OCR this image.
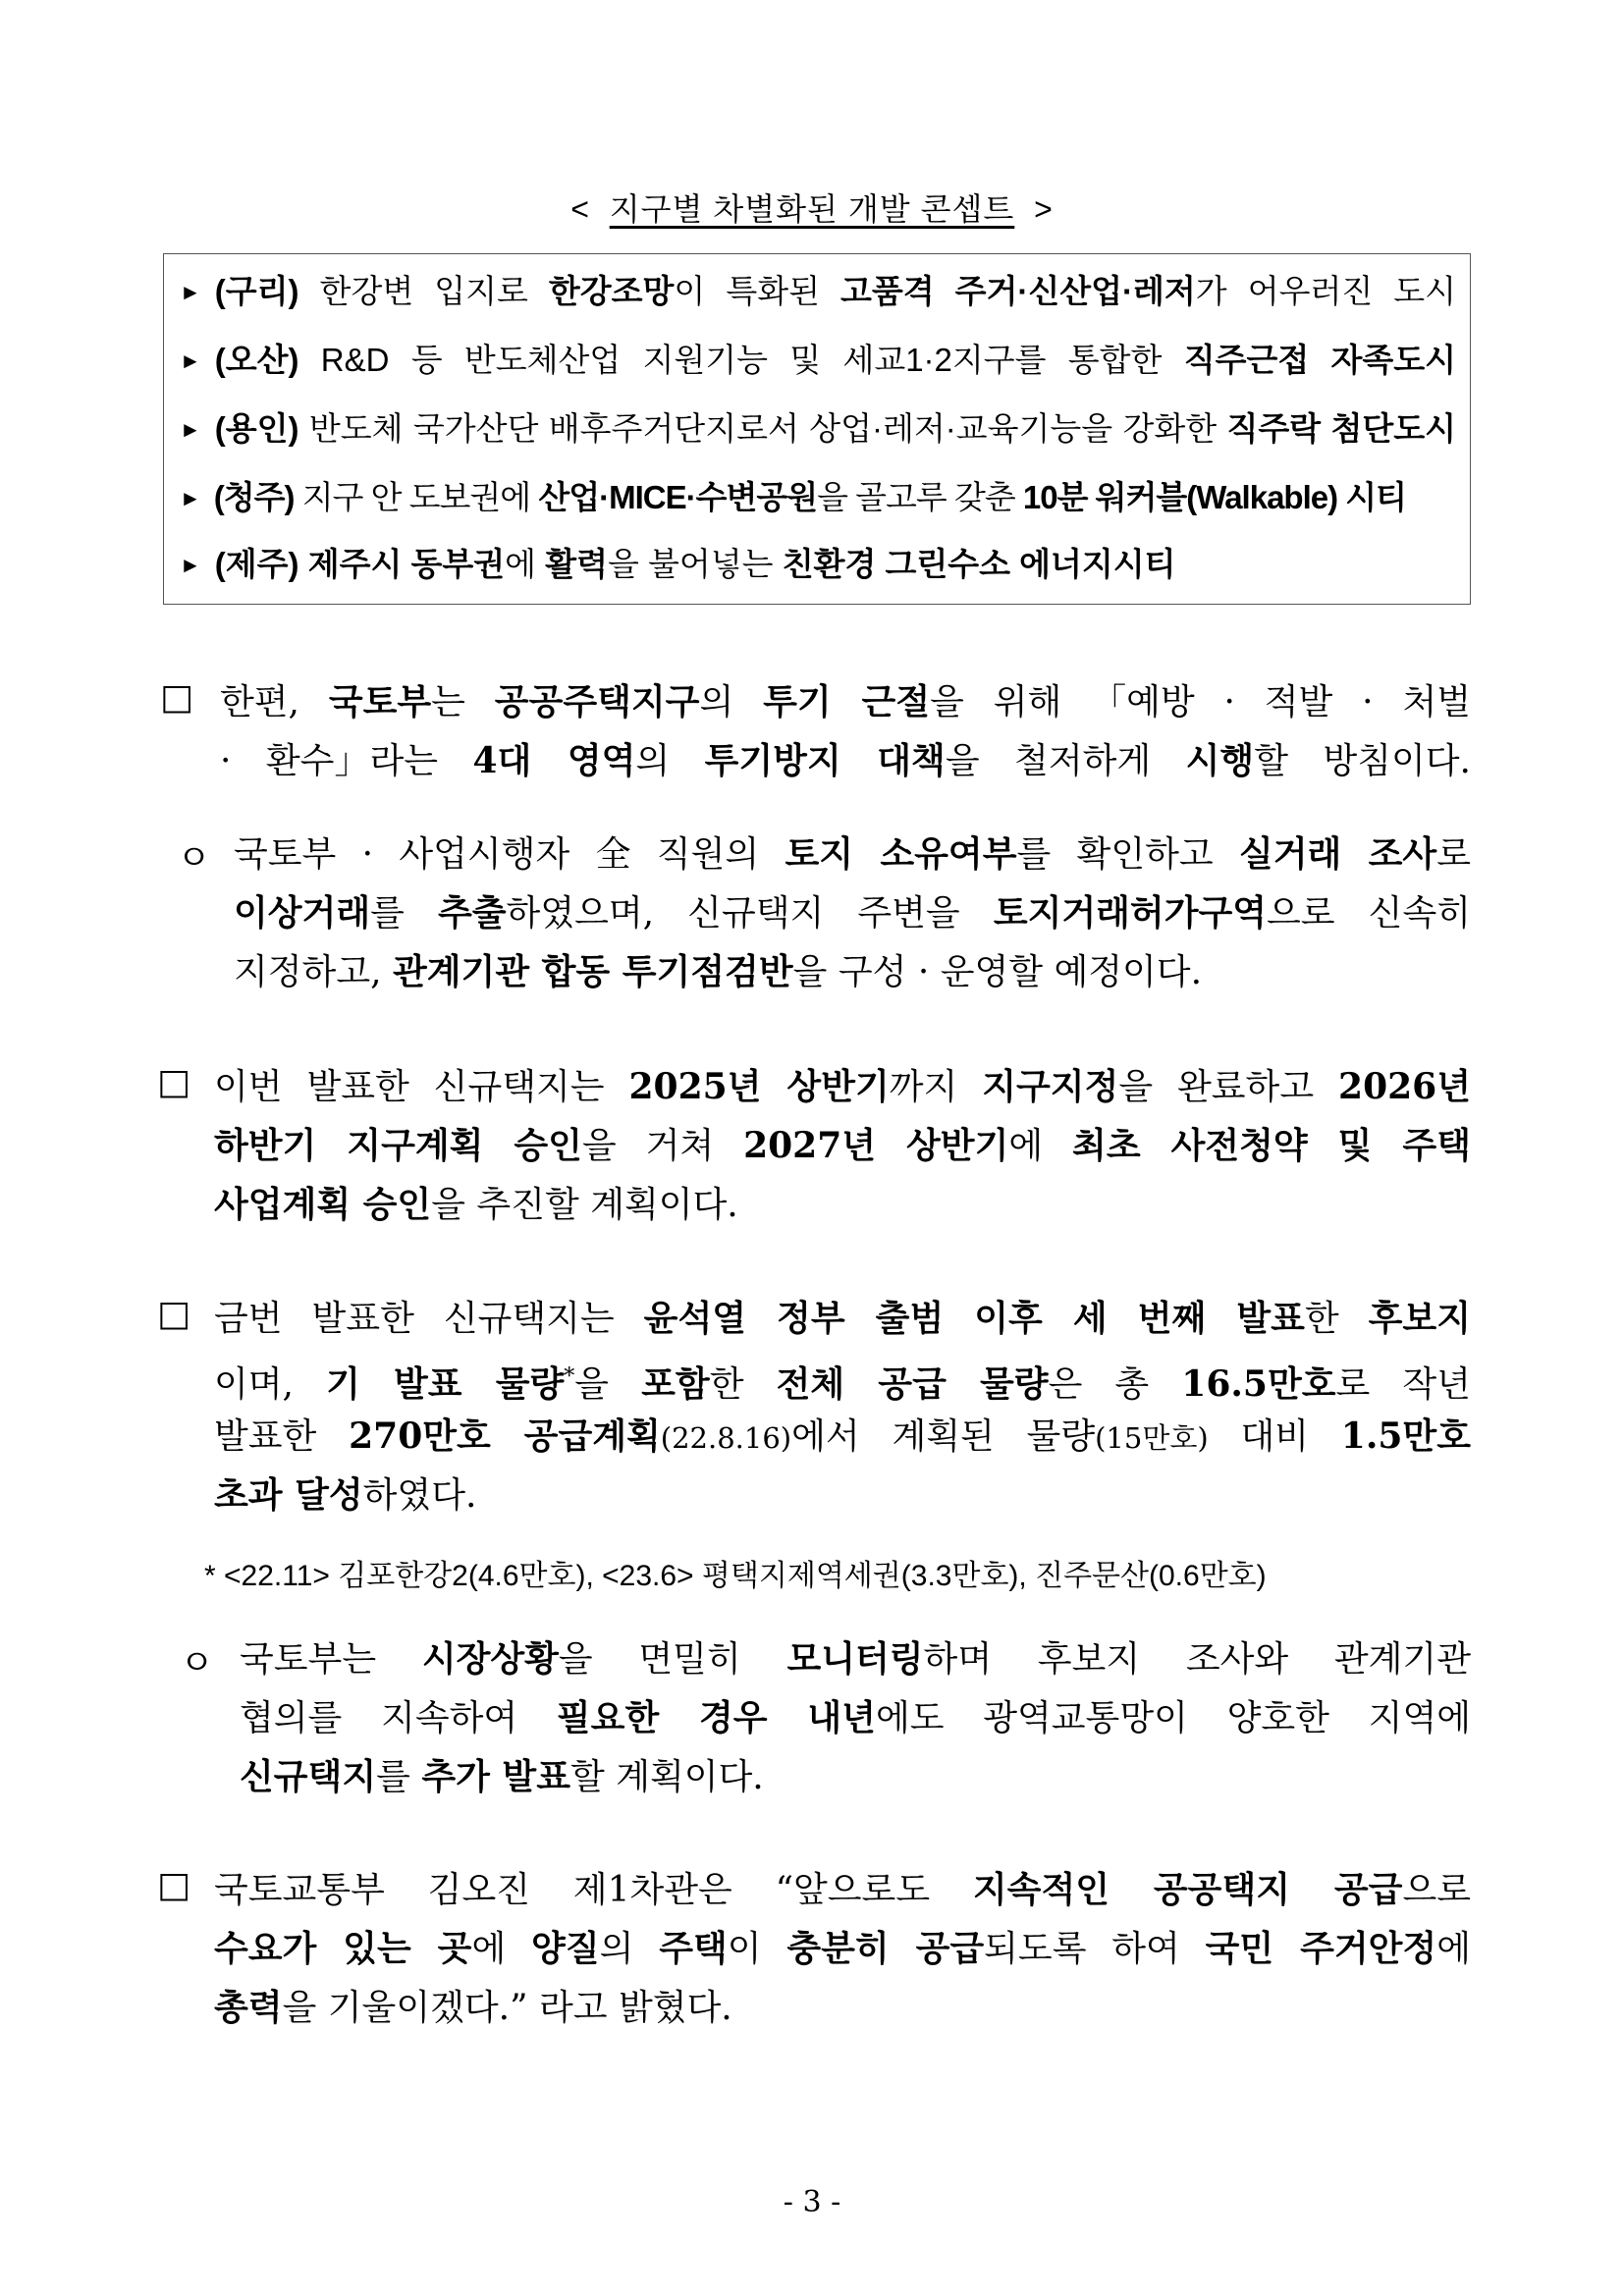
< 지구별 차별화된 개발 콘셉트 >
► (구리) 한강변 입지로 한강조망이 특화된 고품격 주거·신산업·레저가 어우러진 도시
► (오산) R&D 등 반도체산업 지원기능 및 세교1·2지구를 통합한 직주근접 자족도시
► (용인) 반도체 국가산단 배후주거단지로서 상업·레저·교육기능을 강화한 직주락 첨단도시
► (청주) 지구 안 도보권에 산업·MICE·수변공원을 골고루 갖춘 10분 워커블(Walkable) 시티
► (제주) 제주시 동부권에 활력을 불어넣는 친환경 그린수소 에너지시티
□ 한편, 국토부는 공공주택지구의 투기 근절을 위해 「예방 · 적발 · 처벌
· 환수」라는 4대 영역의 투기방지 대책을 철저하게 시행할 방침이다.
ㅇ 국토부 · 사업시행자 全 직원의 토지 소유여부를 확인하고 실거래 조사로
이상거래를 추출하였으며, 신규택지 주변을 토지거래허가구역으로 신속히
지정하고, 관계기관 합동 투기점검반을 구성 · 운영할 예정이다.
□ 이번 발표한 신규택지는 2025년 상반기까지 지구지정을 완료하고 2026년
하반기 지구계획 승인을 거쳐 2027년 상반기에 최초 사전청약 및 주택
사업계획 승인을 추진할 계획이다.
□ 금번 발표한 신규택지는 윤석열 정부 출범 이후 세 번째 발표한 후보지
이며, 기 발표 물량*을 포함한 전체 공급 물량은 총 16.5만호로 작년
발표한 270만호 공급계획(22.8.16)에서 계획된 물량(15만호) 대비 1.5만호
초과 달성하였다.
ㅇ 국토부는 시장상황을 면밀히 모니터링하며 후보지 조사와 관계기관
협의를 지속하여 필요한 경우 내년에도 광역교통망이 양호한 지역에
신규택지를 추가 발표할 계획이다.
□ 국토교통부 김오진 제1차관은 “앞으로도 지속적인 공공택지 공급으로
수요가 있는 곳에 양질의 주택이 충분히 공급되도록 하여 국민 주거안정에
총력을 기울이겠다.” 라고 밝혔다.
* <22.11> 김포한강2(4.6만호), <23.6> 평택지제역세권(3.3만호), 진주문산(0.6만호)
- 3 -
